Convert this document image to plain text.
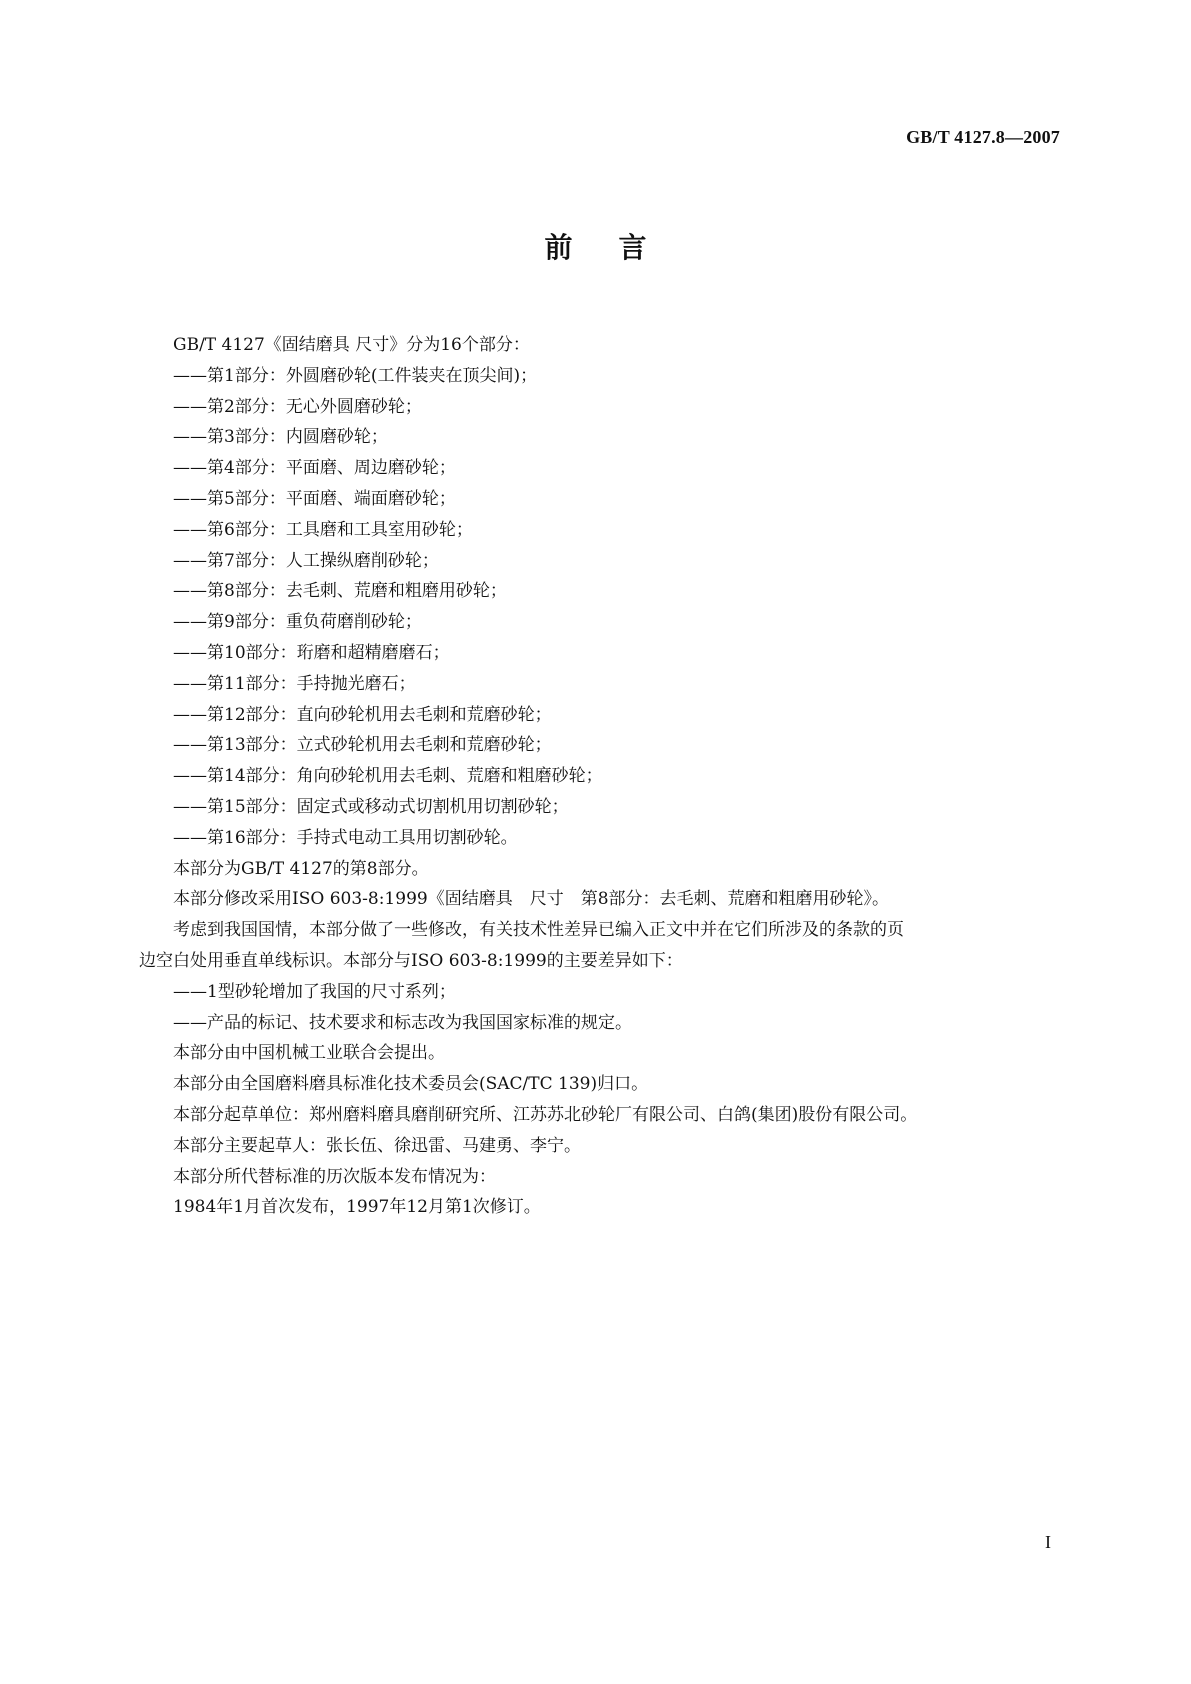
GB/T 4127.8—2007
前言
GB/T 4127《固结磨具 尺寸》分为16个部分：
——第1部分：外圆磨砂轮(工件装夹在顶尖间)；
——第2部分：无心外圆磨砂轮；
——第3部分：内圆磨砂轮；
——第4部分：平面磨、周边磨砂轮；
——第5部分：平面磨、端面磨砂轮；
——第6部分：工具磨和工具室用砂轮；
——第7部分：人工操纵磨削砂轮；
——第8部分：去毛刺、荒磨和粗磨用砂轮；
——第9部分：重负荷磨削砂轮；
——第10部分：珩磨和超精磨磨石；
——第11部分：手持抛光磨石；
——第12部分：直向砂轮机用去毛刺和荒磨砂轮；
——第13部分：立式砂轮机用去毛刺和荒磨砂轮；
——第14部分：角向砂轮机用去毛刺、荒磨和粗磨砂轮；
——第15部分：固定式或移动式切割机用切割砂轮；
——第16部分：手持式电动工具用切割砂轮。
本部分为GB/T 4127的第8部分。
本部分修改采用ISO 603-8:1999《固结磨具　尺寸　第8部分：去毛刺、荒磨和粗磨用砂轮》。
考虑到我国国情，本部分做了一些修改，有关技术性差异已编入正文中并在它们所涉及的条款的页
边空白处用垂直单线标识。本部分与ISO 603-8:1999的主要差异如下：
——1型砂轮增加了我国的尺寸系列；
——产品的标记、技术要求和标志改为我国国家标准的规定。
本部分由中国机械工业联合会提出。
本部分由全国磨料磨具标准化技术委员会(SAC/TC 139)归口。
本部分起草单位：郑州磨料磨具磨削研究所、江苏苏北砂轮厂有限公司、白鸽(集团)股份有限公司。
本部分主要起草人：张长伍、徐迅雷、马建勇、李宁。
本部分所代替标准的历次版本发布情况为：
1984年1月首次发布，1997年12月第1次修订。
I
